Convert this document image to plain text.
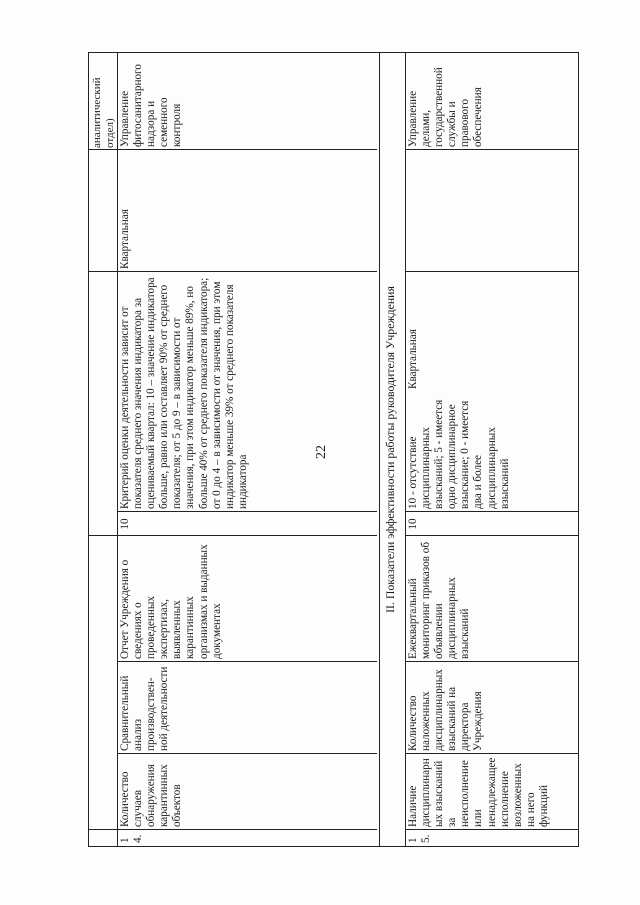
22
аналитический отдел)
14.
Количество случаев обнаружения карантинных объектов
Сравнительный анализ производствен-ной деятельности
Отчет Учреждения о сведениях о проведенных экспертизах, выявленных карантинных организмах и выданных документах
10
Критерий оценки деятельности зависит от показателя среднего значения индикатора за оцениваемый квартал: 10 – значение индикатора больше, равно или составляет 90% от среднего показателя; от 5 до 9 – в зависимости от значения, при этом индикатор меньше 89%, но больше 40% от среднего показателя индикатора; от 0 до 4 – в зависимости от значения, при этом индикатор меньше 39% от среднего показателя индикатора
Квартальная
Управление фитосанитарного надзора и семенного контроля
II. Показатели эффективности работы руководителя Учреждения
15.
Наличие дисциплинарных взысканий за неисполнение или ненадлежащее исполнение возложенных на него функций
Количество наложенных дисциплинарных взысканий на директора Учреждения
Ежеквартальный мониторинг приказов об объявлении дисциплинарных взысканий
10
10 - отсутствие дисциплинарных взысканий; 5 - имеется одно дисциплинарное взыскание; 0 - имеется два и более дисциплинарных взысканий
Квартальная
Управление делами, государственной службы и правового обеспечения
